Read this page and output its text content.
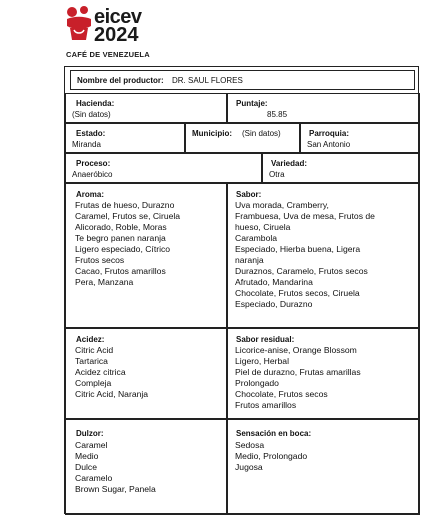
eicev
2024
CAFÉ DE VENEZUELA
Nombre del productor: DR. SAUL FLORES
Hacienda:
(Sin datos)
Puntaje:
85.85
Estado:
Miranda
Municipio: (Sin datos)	Parroquia:
San Antonio
Proceso:
Anaeróbico
Variedad:
Otra
Aroma:
Frutas de hueso, Durazno
Caramel, Frutos se, Ciruela
Alicorado, Roble, Moras
Te begro panen naranja
Ligero especiado, Cítrico
Frutos secos
Cacao, Frutos amarillos
Pera, Manzana
Sabor:
Uva morada, Cramberry,
Frambuesa, Uva de mesa, Frutos de
hueso, Ciruela
Carambola
Especiado, Hierba buena, Ligera
naranja
Duraznos, Caramelo, Frutos secos
Afrutado, Mandarina
Chocolate, Frutos secos, Ciruela
Especiado, Durazno
Acidez:
Citric Acid
Tartarica
Acidez citrica
Compleja
Citric Acid, Naranja
Sabor residual:
Licorice-anise, Orange Blossom
Ligero, Herbal
Piel de durazno, Frutas amarillas
Prolongado
Chocolate, Frutos secos
Frutos amarillos
Dulzor:
Caramel
Medio
Dulce
Caramelo
Brown Sugar, Panela
Sensación en boca:
Sedosa
Medio, Prolongado
Jugosa
